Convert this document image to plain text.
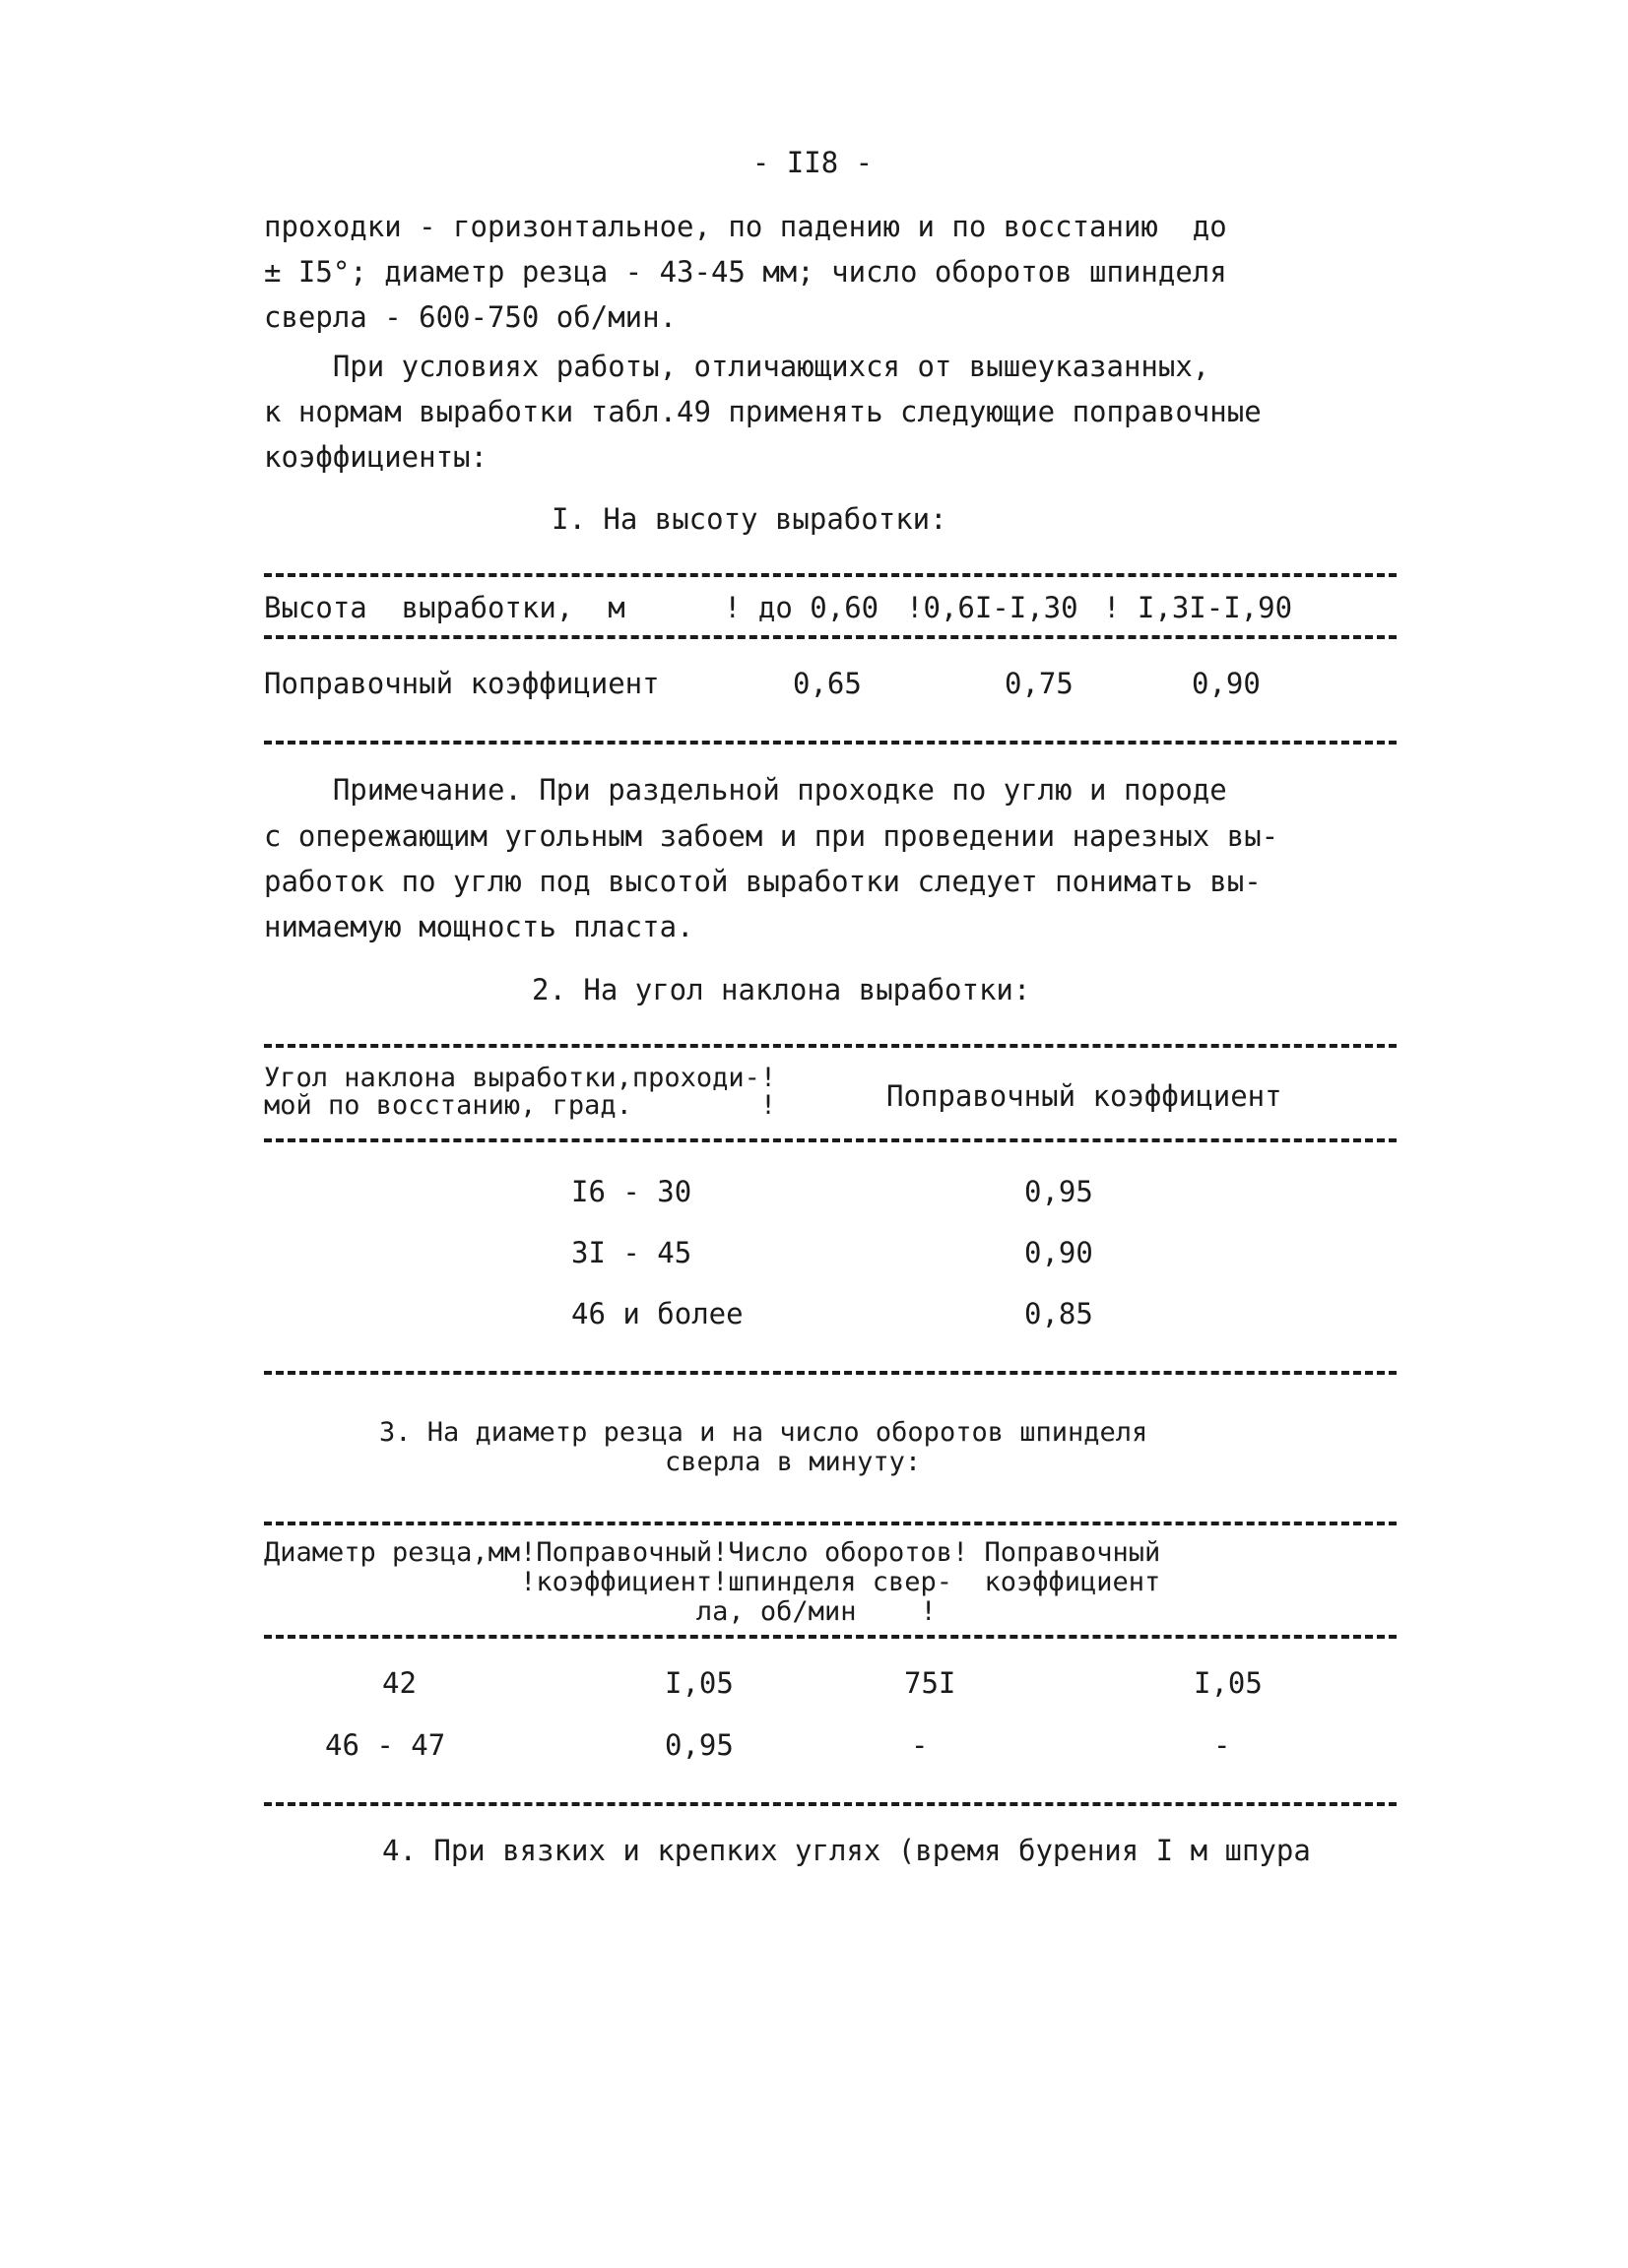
- II8 -
проходки - горизонтальное, по падению и по восстанию  до
± I5°; диаметр резца - 43-45 мм; число оборотов шпинделя
сверла - 600-750 об/мин.
При условиях работы, отличающихся от вышеуказанных,
к нормам выработки табл.49 применять следующие поправочные
коэффициенты:
I. На высоту выработки:
Высота  выработки,  м	! до 0,60 !0,6I-I,30 ! I,3I-I,90
Поправочный коэффициент	0,65	0,75	0,90
Примечание. При раздельной проходке по углю и породе
с опережающим угольным забоем и при проведении нарезных вы-
работок по углю под высотой выработки следует понимать вы-
нимаемую мощность пласта.
2. На угол наклона выработки:
Угол наклона выработки,проходи-!
мой по восстанию, град.        !	Поправочный коэффициент
I6 - 30	0,95
3I - 45	0,90
46 и более	0,85
3. На диаметр резца и на число оборотов шпинделя
сверла в минуту:
Диаметр резца,мм!Поправочный!Число оборотов! Поправочный
!коэффициент!шпинделя свер-  коэффициент
ла, об/мин    !
42	I,05	75I	I,05
46 - 47	0,95	-	-
4. При вязких и крепких углях (время бурения I м шпура
